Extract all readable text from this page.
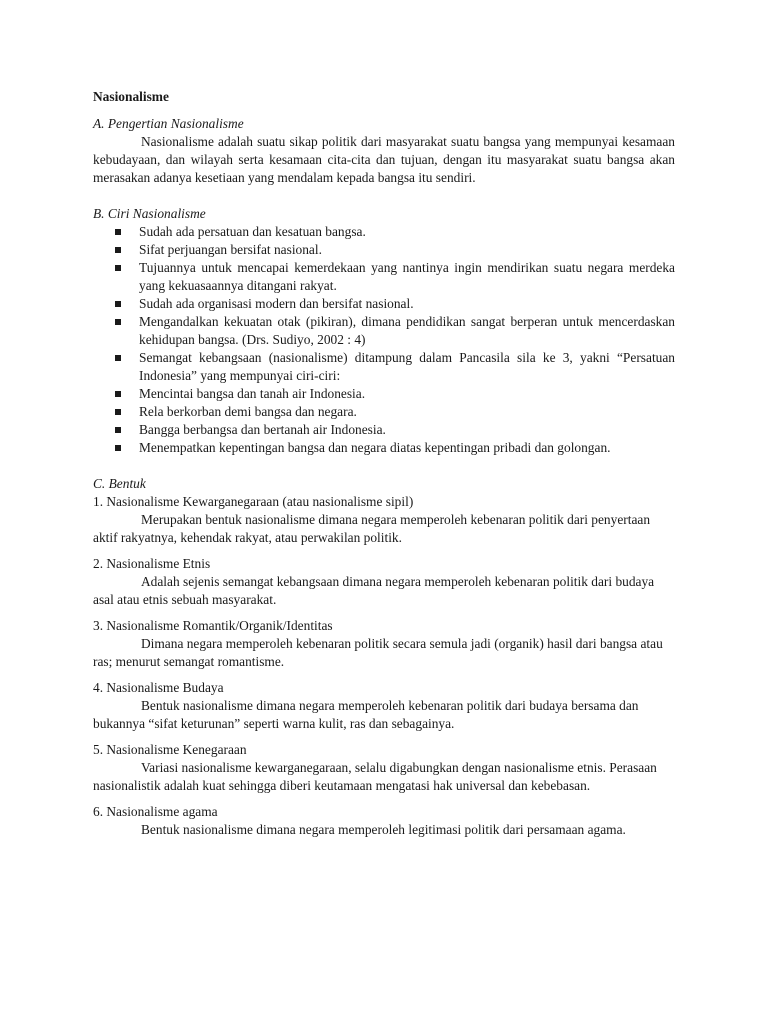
Nasionalisme

A. Pengertian Nasionalisme

Nasionalisme adalah suatu sikap politik dari masyarakat suatu bangsa yang mempunyai kesamaan kebudayaan, dan wilayah serta kesamaan cita-cita dan tujuan, dengan itu masyarakat suatu bangsa akan merasakan adanya kesetiaan yang mendalam kepada bangsa itu sendiri.

B. Ciri Nasionalisme

Sudah ada persatuan dan kesatuan bangsa.
Sifat perjuangan bersifat nasional.
Tujuannya untuk mencapai kemerdekaan yang nantinya ingin mendirikan suatu negara merdeka yang kekuasaannya ditangani rakyat.
Sudah ada organisasi modern dan bersifat nasional.
Mengandalkan kekuatan otak (pikiran), dimana pendidikan sangat berperan untuk mencerdaskan kehidupan bangsa. (Drs. Sudiyo, 2002 : 4)
Semangat kebangsaan (nasionalisme) ditampung dalam Pancasila sila ke 3, yakni “Persatuan Indonesia” yang mempunyai ciri-ciri:
Mencintai bangsa dan tanah air Indonesia.
Rela berkorban demi bangsa dan negara.
Bangga berbangsa dan bertanah air Indonesia.
Menempatkan kepentingan bangsa dan negara diatas kepentingan pribadi dan golongan.

C. Bentuk

1. Nasionalisme Kewarganegaraan (atau nasionalisme sipil)

Merupakan bentuk nasionalisme dimana negara memperoleh kebenaran politik dari penyertaan aktif rakyatnya, kehendak rakyat, atau perwakilan politik.

2. Nasionalisme Etnis

Adalah sejenis semangat kebangsaan dimana negara memperoleh kebenaran politik dari budaya asal atau etnis sebuah masyarakat.

3. Nasionalisme Romantik/Organik/Identitas

Dimana negara memperoleh kebenaran politik secara semula jadi (organik) hasil dari bangsa atau ras; menurut semangat romantisme.

4. Nasionalisme Budaya

Bentuk nasionalisme dimana negara memperoleh kebenaran politik dari budaya bersama dan bukannya “sifat keturunan” seperti warna kulit, ras dan sebagainya.

5. Nasionalisme Kenegaraan

Variasi nasionalisme kewarganegaraan, selalu digabungkan dengan nasionalisme etnis. Perasaan nasionalistik adalah kuat sehingga diberi keutamaan mengatasi hak universal dan kebebasan.

6. Nasionalisme agama

Bentuk nasionalisme dimana negara memperoleh legitimasi politik dari persamaan agama.
